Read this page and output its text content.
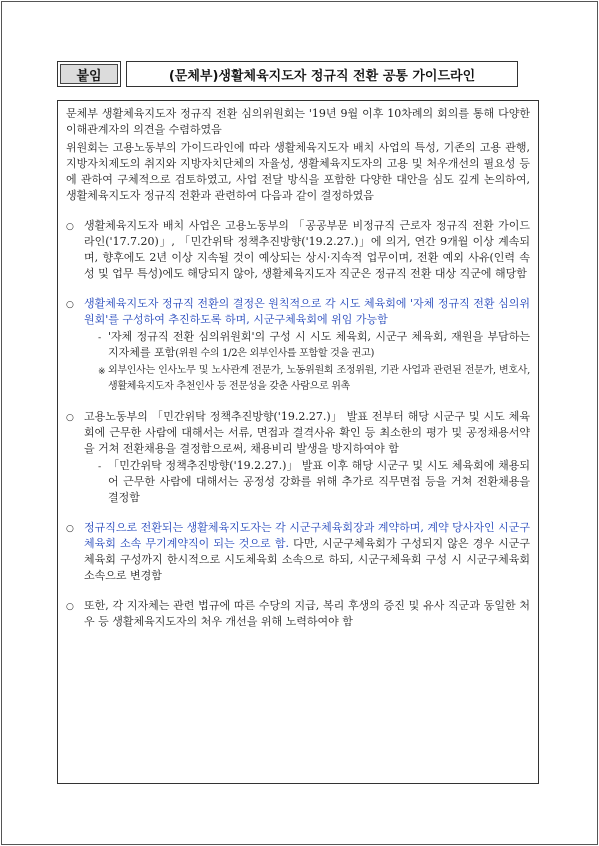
붙임	(문체부)생활체육지도자 정규직 전환 공통 가이드라인

문체부 생활체육지도자 정규직 전환 심의위원회는 '19년 9월 이후 10차례의 회의를 통해 다양한 이해관계자의 의견을 수렴하였음

위원회는 고용노동부의 가이드라인에 따라 생활체육지도자 배치 사업의 특성, 기존의 고용 관행, 지방자치제도의 취지와 지방자치단체의 자율성, 생활체육지도자의 고용 및 처우개선의 필요성 등에 관하여 구체적으로 검토하였고, 사업 전달 방식을 포함한 다양한 대안을 심도 깊게 논의하여, 생활체육지도자 정규직 전환과 관련하여 다음과 같이 결정하였음

○ 생활체육지도자 배치 사업은 고용노동부의 「공공부문 비정규직 근로자 정규직 전환 가이드라인('17.7.20)」, 「민간위탁 정책추진방향('19.2.27.)」에 의거, 연간 9개월 이상 계속되며, 향후에도 2년 이상 지속될 것이 예상되는 상시·지속적 업무이며, 전환 예외 사유(인력 속성 및 업무 특성)에도 해당되지 않아, 생활체육지도자 직군은 정규직 전환 대상 직군에 해당함

○ 생활체육지도자 정규직 전환의 결정은 원칙적으로 각 시도 체육회에 '자체 정규직 전환 심의위원회'를 구성하여 추진하도록 하며, 시군구체육회에 위임 가능함

- '자체 정규직 전환 심의위원회'의 구성 시 시도 체육회, 시군구 체육회, 재원을 부담하는 지자체를 포함(위원 수의 1/2은 외부인사를 포함할 것을 권고)

※ 외부인사는 인사노무 및 노사관계 전문가, 노동위원회 조정위원, 기관 사업과 관련된 전문가, 변호사, 생활체육지도자 추천인사 등 전문성을 갖춘 사람으로 위촉

○ 고용노동부의 「민간위탁 정책추진방향('19.2.27.)」 발표 전부터 해당 시군구 및 시도 체육회에 근무한 사람에 대해서는 서류, 면접과 결격사유 확인 등 최소한의 평가 및 공정채용서약을 거쳐 전환채용을 결정함으로써, 채용비리 발생을 방지하여야 함

- 「민간위탁 정책추진방향('19.2.27.)」 발표 이후 해당 시군구 및 시도 체육회에 채용되어 근무한 사람에 대해서는 공정성 강화를 위해 추가로 직무면접 등을 거쳐 전환채용을 결정함

○ 정규직으로 전환되는 생활체육지도자는 각 시군구체육회장과 계약하며, 계약 당사자인 시군구체육회 소속 무기계약직이 되는 것으로 함. 다만, 시군구체육회가 구성되지 않은 경우 시군구체육회 구성까지 한시적으로 시도체육회 소속으로 하되, 시군구체육회 구성 시 시군구체육회 소속으로 변경함

○ 또한, 각 지자체는 관련 법규에 따른 수당의 지급, 복리 후생의 증진 및 유사 직군과 동일한 처우 등 생활체육지도자의 처우 개선을 위해 노력하여야 함
